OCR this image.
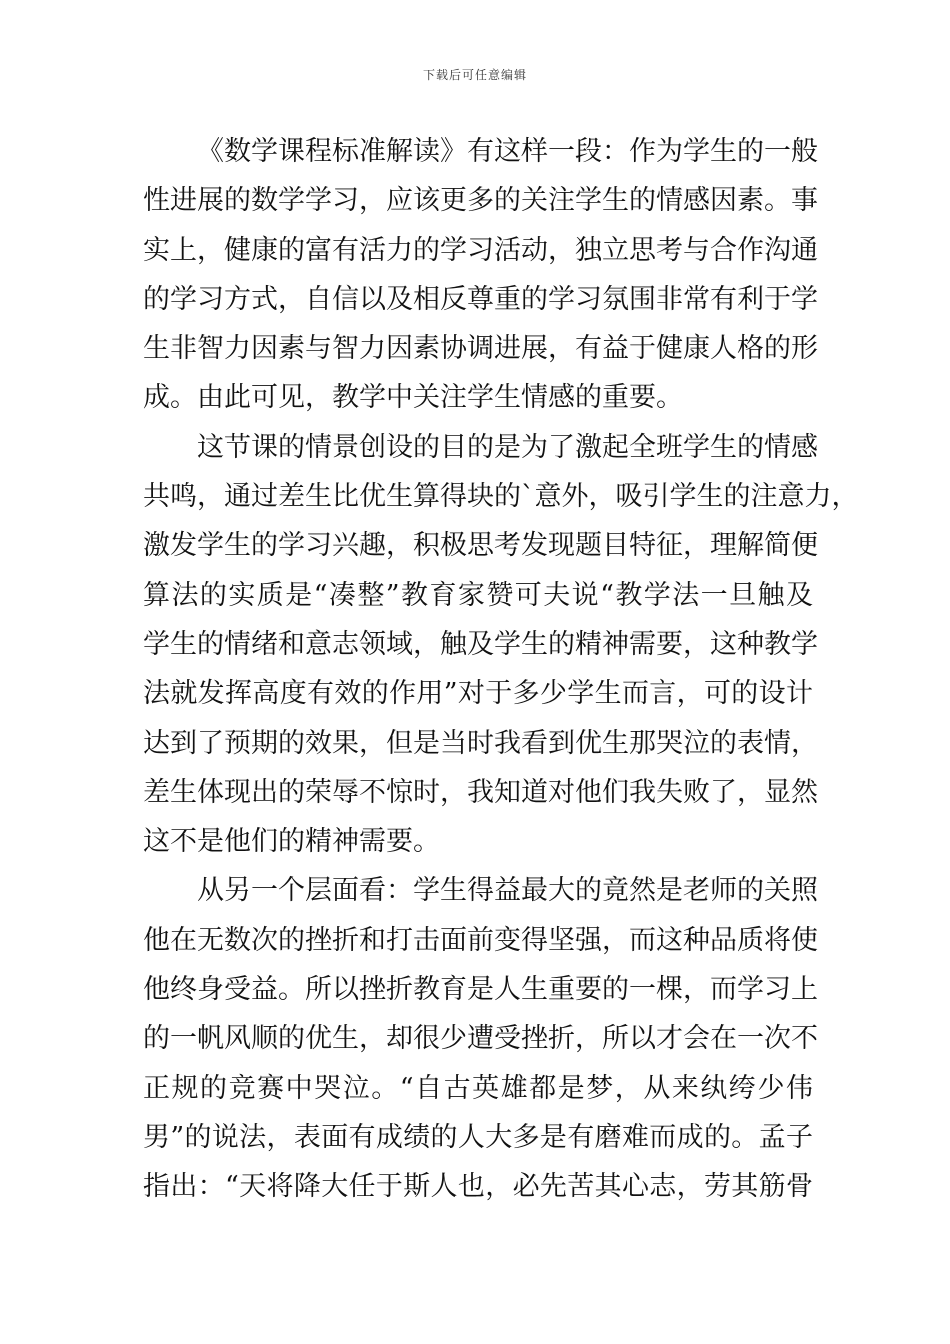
下载后可任意编辑
《数学课程标准解读》有这样一段：作为学生的一般
性进展的数学学习，应该更多的关注学生的情感因素。事
实上，健康的富有活力的学习活动，独立思考与合作沟通
的学习方式，自信以及相反尊重的学习氛围非常有利于学
生非智力因素与智力因素协调进展，有益于健康人格的形
成。由此可见，教学中关注学生情感的重要。
这节课的情景创设的目的是为了激起全班学生的情感
共鸣，通过差生比优生算得块的`意外，吸引学生的注意力，
激发学生的学习兴趣，积极思考发现题目特征，理解简便
算法的实质是“凑整”教育家赞可夫说“教学法一旦触及
学生的情绪和意志领域，触及学生的精神需要，这种教学
法就发挥高度有效的作用”对于多少学生而言，可的设计
达到了预期的效果，但是当时我看到优生那哭泣的表情，
差生体现出的荣辱不惊时，我知道对他们我失败了，显然
这不是他们的精神需要。
从另一个层面看：学生得益最大的竟然是老师的关照
他在无数次的挫折和打击面前变得坚强，而这种品质将使
他终身受益。所以挫折教育是人生重要的一棵，而学习上
的一帆风顺的优生，却很少遭受挫折，所以才会在一次不
正规的竞赛中哭泣。“自古英雄都是梦，从来纨绔少伟
男”的说法，表面有成绩的人大多是有磨难而成的。孟子
指出：“天将降大任于斯人也，必先苦其心志，劳其筋骨
